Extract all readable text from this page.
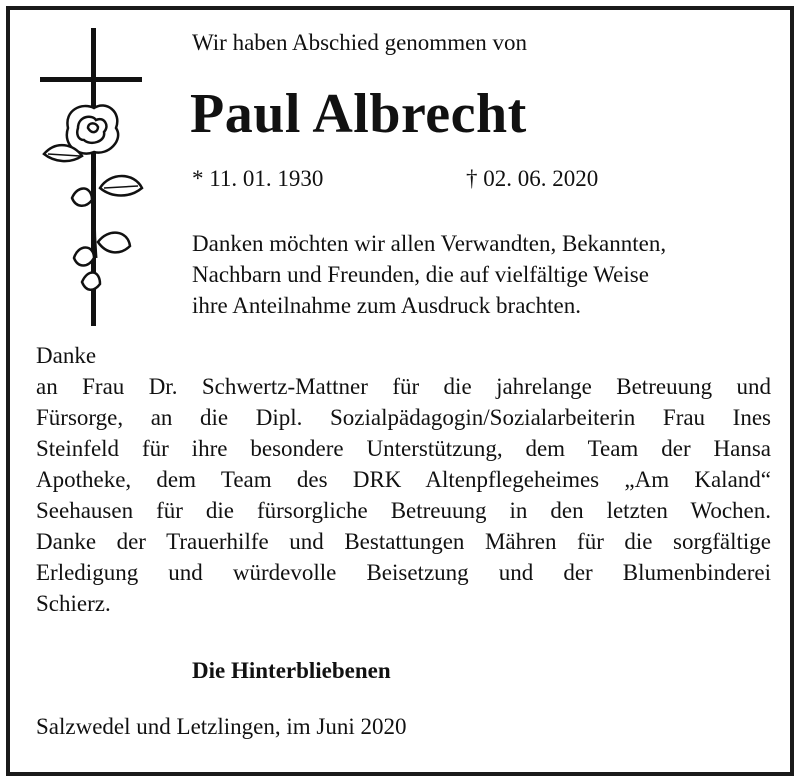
Wir haben Abschied genommen von
Paul Albrecht
* 11. 01. 1930	† 02. 06. 2020
Danken möchten wir allen Verwandten, Bekannten,
Nachbarn und Freunden, die auf vielfältige Weise
ihre Anteilnahme zum Ausdruck brachten.
Danke
an Frau Dr. Schwertz-Mattner für die jahrelange Betreuung und
Fürsorge, an die Dipl. Sozialpädagogin/Sozialarbeiterin Frau Ines
Steinfeld für ihre besondere Unterstützung, dem Team der Hansa
Apotheke, dem Team des DRK Altenpflegeheimes „Am Kaland“
Seehausen für die fürsorgliche Betreuung in den letzten Wochen.
Danke der Trauerhilfe und Bestattungen Mähren für die sorgfältige
Erledigung und würdevolle Beisetzung und der Blumenbinderei
Schierz.
Die Hinterbliebenen
Salzwedel und Letzlingen, im Juni 2020
